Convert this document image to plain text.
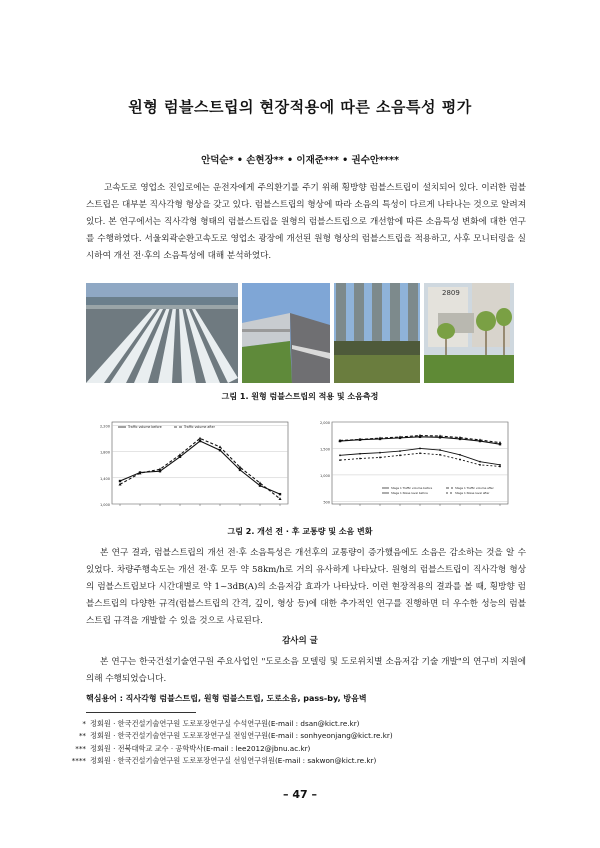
원형 럼블스트립의 현장적용에 따른 소음특성 평가
안덕순* • 손현장** • 이재준*** • 권수안****
고속도로 영업소 진입로에는 운전자에게 주의환기를 주기 위해 횡방향 럼블스트립이 설치되어 있다. 이러한 럼블스트립은 대부분 직사각형 형상을 갖고 있다. 럼블스트립의 형상에 따라 소음의 특성이 다르게 나타나는 것으로 알려져 있다. 본 연구에서는 직사각형 형태의 럼블스트립을 원형의 럼블스트립으로 개선함에 따른 소음특성 변화에 대한 연구를 수행하였다. 서울외곽순환고속도로 영업소 광장에 개선된 원형 형상의 럼블스트립을 적용하고, 사후 모니터링을 실시하여 개선 전·후의 소음특성에 대해 분석하였다.
2809
그림 1. 원형 럼블스트립의 적용 및 소음측정
2,200
1,800
1,400
1,000
Traffic volume before	Traffic volume after
2,000
1,500
1,000
500
Stage 1 Traffic volume before	Stage 1 Traffic volume after
Stage 1 Noise level before	Stage 1 Noise level after
그림 2. 개선 전 · 후 교통량 및 소음 변화
본 연구 결과, 럼블스트립의 개선 전·후 소음특성은 개선후의 교통량이 증가했음에도 소음은 감소하는 것을 알 수 있었다. 차량주행속도는 개선 전·후 모두 약 58km/h로 거의 유사하게 나타났다. 원형의 럼블스트립이 직사각형 형상의 럼블스트립보다 시간대별로 약 1~3dB(A)의 소음저감 효과가 나타났다. 이런 현장적용의 결과를 볼 때, 횡방향 럼블스트립의 다양한 규격(럼블스트립의 간격, 깊이, 형상 등)에 대한 추가적인 연구를 진행하면 더 우수한 성능의 럼블스트립 규격을 개발할 수 있을 것으로 사료된다.
감사의 글
본 연구는 한국건설기술연구원 주요사업인 "도로소음 모델링 및 도로위치별 소음저감 기술 개발"의 연구비 지원에 의해 수행되었습니다.
핵심용어 : 직사각형 럼블스트립, 원형 럼블스트립, 도로소음, pass-by, 방음벽
* 정회원 · 한국건설기술연구원 도로포장연구실 수석연구원(E-mail : dsan@kict.re.kr)
** 정회원 · 한국건설기술연구원 도로포장연구실 전임연구원(E-mail : sonhyeonjang@kict.re.kr)
*** 정회원 · 전북대학교 교수 · 공학박사(E-mail : lee2012@jbnu.ac.kr)
**** 정회원 · 한국건설기술연구원 도로포장연구실 선임연구위원(E-mail : sakwon@kict.re.kr)
– 47 –
